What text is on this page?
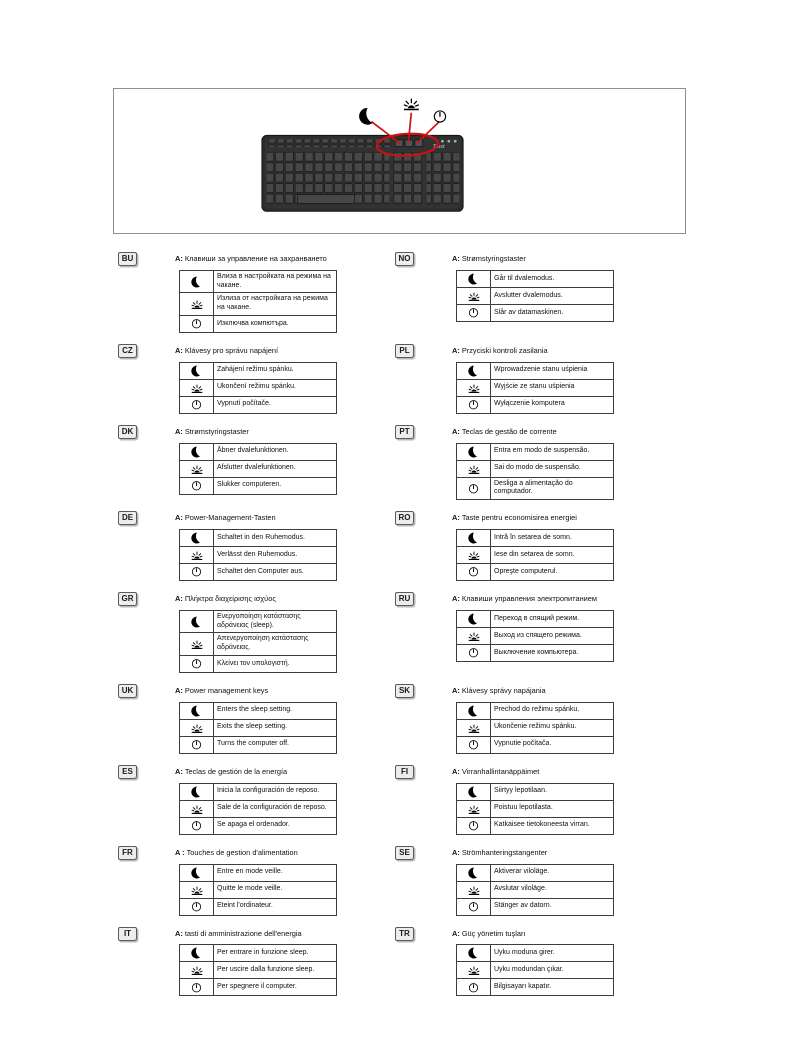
Trust
BU	A: Клавиши за управление на захранването
	Влиза в настройката на режима на чакане.
	Излиза от настройката на режима на чакане.
	Изключва компютъра.
CZ	A: Klávesy pro správu napájení
	Zahájení režimu spánku.
	Ukončení režimu spánku.
	Vypnutí počítače.
DK	A: Strømstyringstaster
	Åbner dvalefunktionen.
	Afslutter dvalefunktionen.
	Slukker computeren.
DE	A: Power-Management-Tasten
	Schaltet in den Ruhemodus.
	Verlässt den Ruhemodus.
	Schaltet den Computer aus.
GR	A: Πλήκτρα διαχείρισης ισχύος
	Ενεργοποίηση κατάστασης αδράνειας (sleep).
	Απενεργοποίηση κατάστασης αδράνειας.
	Κλείνει τον υπολογιστή.
UK	A: Power management keys
	Enters the sleep setting.
	Exits the sleep setting.
	Turns the computer off.
ES	A: Teclas de gestión de la energía
	Inicia la configuración de reposo.
	Sale de la configuración de reposo.
	Se apaga el ordenador.
FR	A : Touches de gestion d'alimentation
	Entre en mode veille.
	Quitte le mode veille.
	Eteint l'ordinateur.
IT	A: tasti di amministrazione dell'energia
	Per entrare in funzione sleep.
	Per uscire dalla funzione sleep.
	Per spegnere il computer.
NO	A: Strømstyringstaster
	Går til dvalemodus.
	Avslutter dvalemodus.
	Slår av datamaskinen.
PL	A: Przyciski kontroli zasilania
	Wprowadzenie stanu uśpienia
	Wyjście ze stanu uśpienia
	Wyłączenie komputera
PT	A: Teclas de gestão de corrente
	Entra em modo de suspensão.
	Sai do modo de suspensão.
	Desliga a alimentação do computador.
RO	A: Taste pentru economisirea energiei
	Intră în setarea de somn.
	Iese din setarea de somn.
	Opreşte computerul.
RU	A: Клавиши управления электропитанием
	Переход в спящий режим.
	Выход из спящего режима.
	Выключение компьютера.
SK	A: Klávesy správy napájania
	Prechod do režimu spánku.
	Ukončenie režimu spánku.
	Vypnutie počítača.
FI	A: Virranhallintanäppäimet
	Siirtyy lepotilaan.
	Poistuu lepotilasta.
	Katkaisee tietokoneesta virran.
SE	A: Strömhanteringstangenter
	Aktiverar viloläge.
	Avslutar viloläge.
	Stänger av datorn.
TR	A: Güç yönetim tuşları
	Uyku moduna girer.
	Uyku modundan çıkar.
	Bilgisayarı kapatır.
